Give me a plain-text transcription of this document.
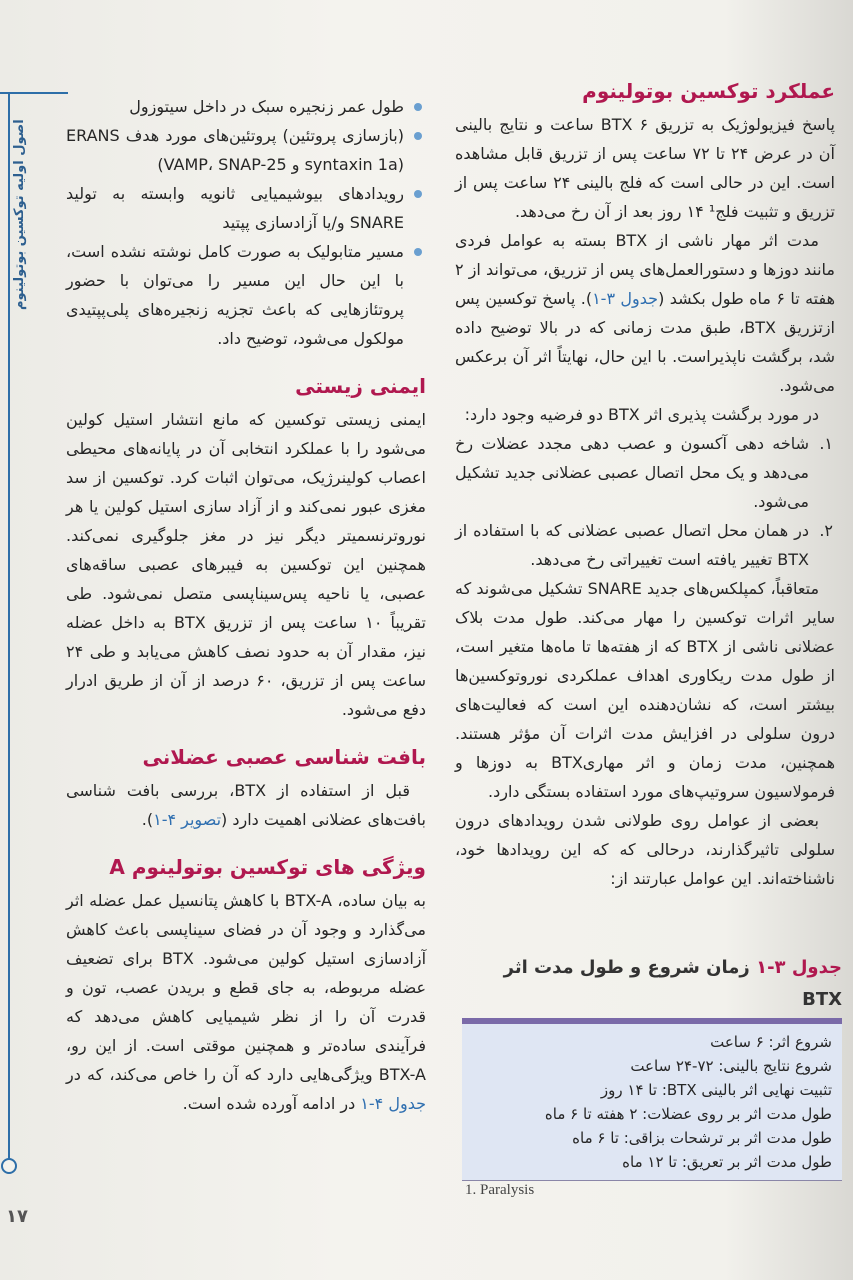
اصول اولیه توکسین بوتولینوم
۱۷
عملکرد توکسین بوتولینوم

پاسخ فیزیولوژیک به تزریق BTX ۶ ساعت و نتایج بالینی آن در عرض ۲۴ تا ۷۲ ساعت پس از تزریق قابل مشاهده است. این در حالی است که فلج بالینی ۲۴ ساعت پس از تزریق و تثبیت فلج¹ ۱۴ روز بعد از آن رخ می‌دهد.

مدت اثر مهار ناشی از BTX بسته به عوامل فردی مانند دوزها و دستورالعمل‌های پس از تزریق، می‌تواند از ۲ هفته تا ۶ ماه طول بکشد (جدول ۳-۱). پاسخ توکسین پس ازتزریق BTX، طبق مدت زمانی که در بالا توضیح داده شد، برگشت ناپذیراست. با این حال، نهایتاً اثر آن برعکس می‌شود.

در مورد برگشت پذیری اثر BTX دو فرضیه وجود دارد:

۱.
شاخه دهی آکسون و عصب دهی مجدد عضلات رخ می‌دهد و یک محل اتصال عصبی عضلانی جدید تشکیل می‌شود.
۲.
در همان محل اتصال عصبی عضلانی که با استفاده از BTX تغییر یافته است تغییراتی رخ می‌دهد.

متعاقباً، کمپلکس‌های جدید SNARE تشکیل می‌شوند که سایر اثرات توکسین را مهار می‌کند. طول مدت بلاک عضلانی ناشی از BTX که از هفته‌ها تا ماه‌ها متغیر است، از طول مدت ریکاوری اهداف عملکردی نوروتوکسین‌ها بیشتر است، که نشان‌دهنده این است که فعالیت‌های درون سلولی در افزایش مدت اثرات آن مؤثر هستند. همچنین، مدت زمان و اثر مهاریBTX به دوزها و فرمولاسیون سروتیپ‌های مورد استفاده بستگی دارد.

بعضی از عوامل روی طولانی شدن رویدادهای درون سلولی تاثیرگذارند، درحالی که که این رویدادها خود، ناشناخته‌اند. این عوامل عبارتند از:

جدول ۳-۱ زمان شروع و طول مدت اثر BTX
شروع اثر: ۶ ساعت
شروع نتایج بالینی: ۷۲-۲۴ ساعت
تثبیت نهایی اثر بالینی BTX: تا ۱۴ روز
طول مدت اثر بر روی عضلات: ۲ هفته تا ۶ ماه
طول مدت اثر بر ترشحات بزاقی: تا ۶ ماه
طول مدت اثر بر تعریق: تا ۱۲ ماه
1. Paralysis
طول عمر زنجیره سبک در داخل سیتوزول
(بازسازی پروتئین) پروتئین‌های مورد هدف ERANS (syntaxin 1a و VAMP، SNAP-25)
رویدادهای بیوشیمیایی ثانویه وابسته به تولید SNARE و/یا آزادسازی پپتید
مسیر متابولیک به صورت کامل نوشته نشده است، با این حال این مسیر را می‌توان با حضور پروتئازهایی که باعث تجزیه زنجیره‌های پلی‌پپتیدی مولکول می‌شود، توضیح داد.
ایمنی زیستی

ایمنی زیستی توکسین که مانع انتشار استیل کولین می‌شود را با عملکرد انتخابی آن در پایانه‌های محیطی اعصاب کولینرژیک، می‌توان اثبات کرد. توکسین از سد مغزی عبور نمی‌کند و از آزاد سازی استیل کولین یا هر نوروترنسمیتر دیگر نیز در مغز جلوگیری نمی‌کند. همچنین این توکسین به فیبرهای عصبی ساقه‌های عصبی، یا ناحیه پس‌سیناپسی متصل نمی‌شود. طی تقریباً ۱۰ ساعت پس از تزریق BTX به داخل عضله نیز، مقدار آن به حدود نصف کاهش می‌یابد و طی ۲۴ ساعت پس از تزریق، ۶۰ درصد از آن از طریق ادرار دفع می‌شود.

بافت شناسی عصبی عضلانی

قبل از استفاده از BTX، بررسی بافت شناسی بافت‌های عضلانی اهمیت دارد (تصویر ۴-۱).

ویژگی های توکسین بوتولینوم A

به بیان ساده، BTX-A با کاهش پتانسیل عمل عضله اثر می‌گذارد و وجود آن در فضای سیناپسی باعث کاهش آزادسازی استیل کولین می‌شود. BTX برای تضعیف عضله مربوطه، به جای قطع و بریدن عصب، تون و قدرت آن را از نظر شیمیایی کاهش می‌دهد که فرآیندی ساده‌تر و همچنین موقتی است. از این رو، BTX-A ویژگی‌هایی دارد که آن را خاص می‌کند، که در جدول ۴-۱ در ادامه آورده شده است.
